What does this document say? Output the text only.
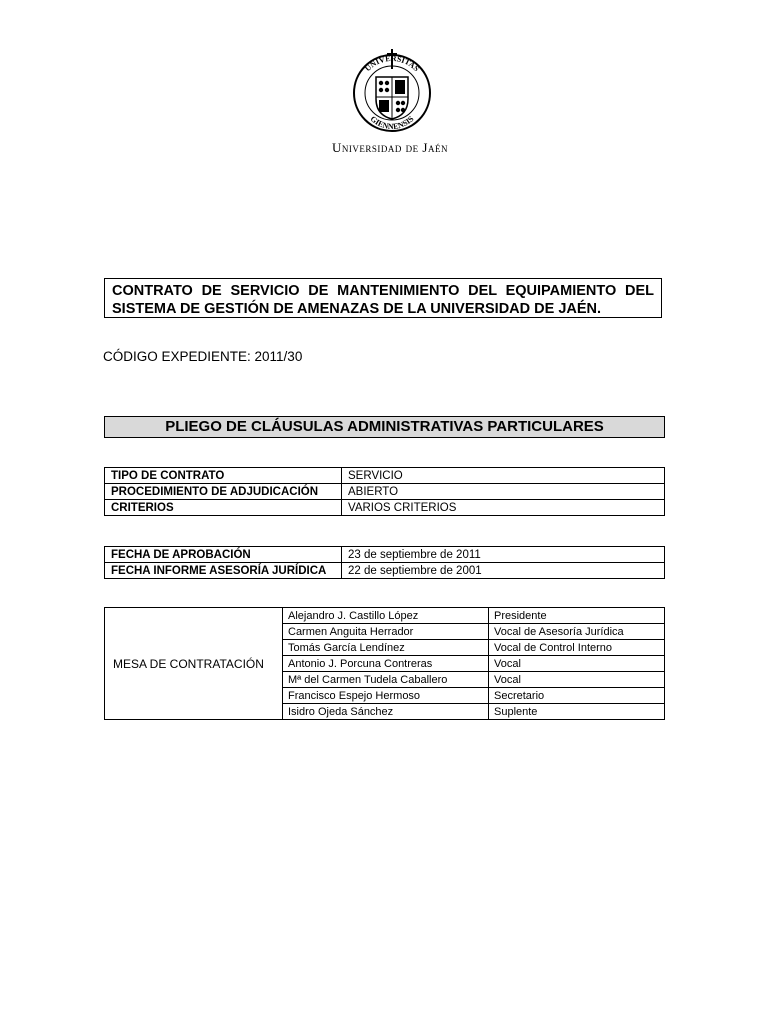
UNIVERSITAS
GIENNENSIS
Universidad de Jaén
CONTRATO DE SERVICIO DE MANTENIMIENTO DEL EQUIPAMIENTO DEL
SISTEMA DE GESTIÓN DE AMENAZAS DE LA UNIVERSIDAD DE JAÉN.
CÓDIGO EXPEDIENTE: 2011/30
PLIEGO DE CLÁUSULAS ADMINISTRATIVAS PARTICULARES
TIPO DE CONTRATO	SERVICIO
PROCEDIMIENTO DE ADJUDICACIÓN	ABIERTO
CRITERIOS	VARIOS CRITERIOS
FECHA DE APROBACIÓN	23 de septiembre de 2011
FECHA INFORME ASESORÍA JURÍDICA	22 de septiembre de 2001
MESA DE CONTRATACIÓN	Alejandro J. Castillo López	Presidente
	Carmen Anguita Herrador	Vocal de Asesoría Jurídica
	Tomás García Lendínez	Vocal de Control Interno
	Antonio J. Porcuna Contreras	Vocal
	Mª del Carmen Tudela Caballero	Vocal
	Francisco Espejo Hermoso	Secretario
	Isidro Ojeda Sánchez	Suplente
